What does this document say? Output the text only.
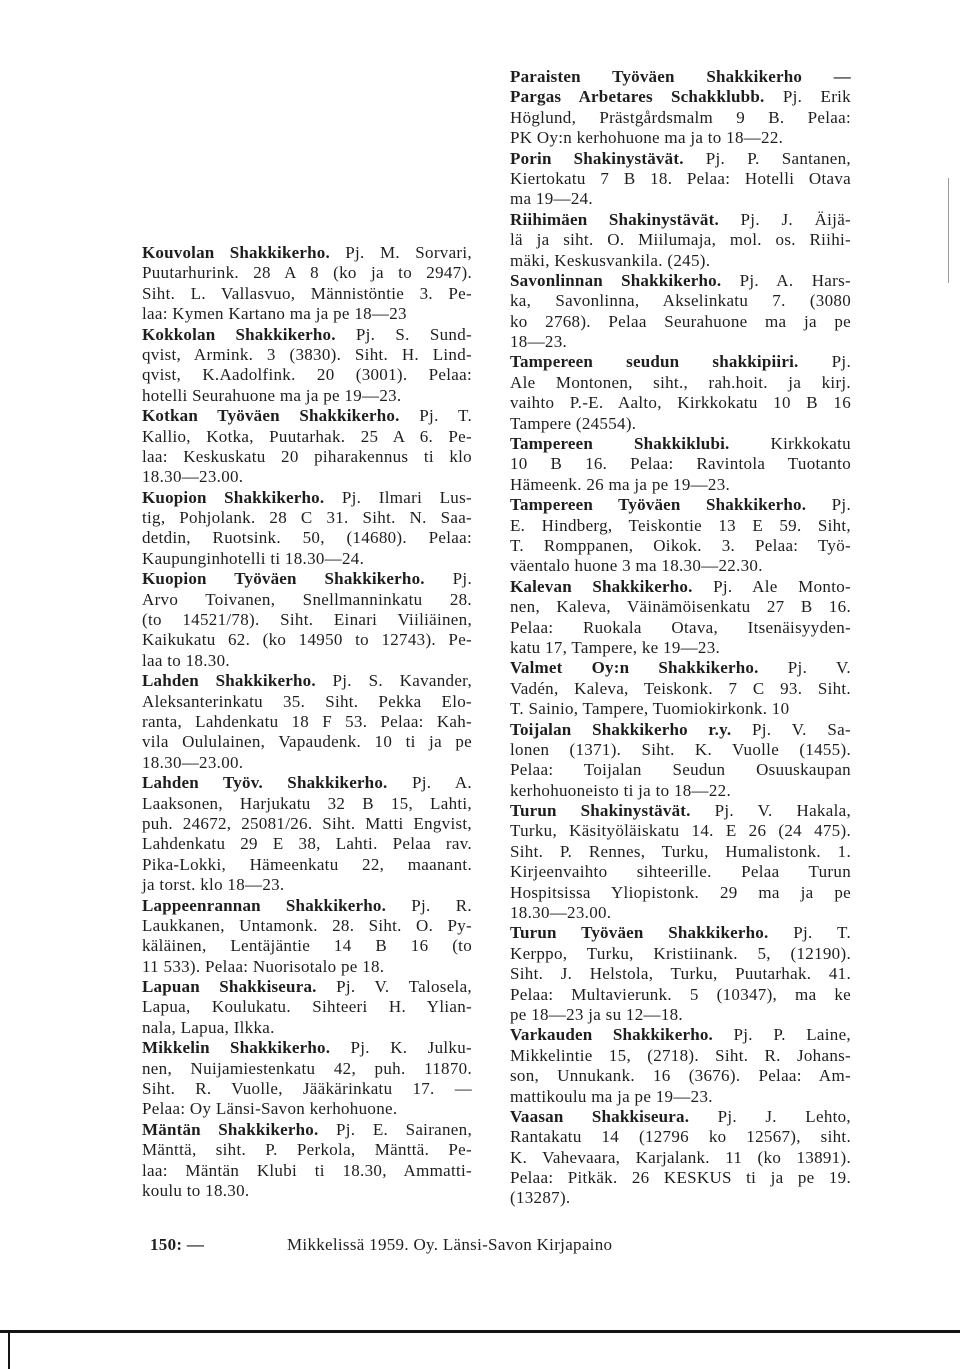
Paraisten Työväen Shakkikerho —
Pargas Arbetares Schakklubb. Pj. Erik
Höglund, Prästgårdsmalm 9 B. Pelaa:
PK Oy:n kerhohuone ma ja to 18—22.
Porin Shakinystävät. Pj. P. Santanen,
Kiertokatu 7 B 18. Pelaa: Hotelli Otava
ma 19—24.
Riihimäen Shakinystävät. Pj. J. Äijä-
lä ja siht. O. Miilumaja, mol. os. Riihi-
mäki, Keskusvankila. (245).
Savonlinnan Shakkikerho. Pj. A. Hars-
ka, Savonlinna, Akselinkatu 7. (3080
ko 2768). Pelaa Seurahuone ma ja pe
18—23.
Tampereen seudun shakkipiiri. Pj.
Ale Montonen, siht., rah.hoit. ja kirj.
vaihto P.-E. Aalto, Kirkkokatu 10 B 16
Tampere (24554).
Tampereen Shakkiklubi. Kirkkokatu
10 B 16. Pelaa: Ravintola Tuotanto
Hämeenk. 26 ma ja pe 19—23.
Tampereen Työväen Shakkikerho. Pj.
E. Hindberg, Teiskontie 13 E 59. Siht,
T. Romppanen, Oikok. 3. Pelaa: Työ-
väentalo huone 3 ma 18.30—22.30.
Kalevan Shakkikerho. Pj. Ale Monto-
nen, Kaleva, Väinämöisenkatu 27 B 16.
Pelaa: Ruokala Otava, Itsenäisyyden-
katu 17, Tampere, ke 19—23.
Valmet Oy:n Shakkikerho. Pj. V.
Vadén, Kaleva, Teiskonk. 7 C 93. Siht.
T. Sainio, Tampere, Tuomiokirkonk. 10
Toijalan Shakkikerho r.y. Pj. V. Sa-
lonen (1371). Siht. K. Vuolle (1455).
Pelaa: Toijalan Seudun Osuuskaupan
kerhohuoneisto ti ja to 18—22.
Turun Shakinystävät. Pj. V. Hakala,
Turku, Käsityöläiskatu 14. E 26 (24 475).
Siht. P. Rennes, Turku, Humalistonk. 1.
Kirjeenvaihto sihteerille. Pelaa Turun
Hospitsissa Yliopistonk. 29 ma ja pe
18.30—23.00.
Turun Työväen Shakkikerho. Pj. T.
Kerppo, Turku, Kristiinank. 5, (12190).
Siht. J. Helstola, Turku, Puutarhak. 41.
Pelaa: Multavierunk. 5 (10347), ma ke
pe 18—23 ja su 12—18.
Varkauden Shakkikerho. Pj. P. Laine,
Mikkelintie 15, (2718). Siht. R. Johans-
son, Unnukank. 16 (3676). Pelaa: Am-
mattikoulu ma ja pe 19—23.
Vaasan Shakkiseura. Pj. J. Lehto,
Rantakatu 14 (12796 ko 12567), siht.
K. Vahevaara, Karjalank. 11 (ko 13891).
Pelaa: Pitkäk. 26 KESKUS ti ja pe 19.
(13287).
Kouvolan Shakkikerho. Pj. M. Sorvari,
Puutarhurink. 28 A 8 (ko ja to 2947).
Siht. L. Vallasvuo, Männistöntie 3. Pe-
laa: Kymen Kartano ma ja pe 18—23
Kokkolan Shakkikerho. Pj. S. Sund-
qvist, Armink. 3 (3830). Siht. H. Lind-
qvist, K.Aadolfink. 20 (3001). Pelaa:
hotelli Seurahuone ma ja pe 19—23.
Kotkan Työväen Shakkikerho. Pj. T.
Kallio, Kotka, Puutarhak. 25 A 6. Pe-
laa: Keskuskatu 20 piharakennus ti klo
18.30—23.00.
Kuopion Shakkikerho. Pj. Ilmari Lus-
tig, Pohjolank. 28 C 31. Siht. N. Saa-
detdin, Ruotsink. 50, (14680). Pelaa:
Kaupunginhotelli ti 18.30—24.
Kuopion Työväen Shakkikerho. Pj.
Arvo Toivanen, Snellmanninkatu 28.
(to 14521/78). Siht. Einari Viiliäinen,
Kaikukatu 62. (ko 14950 to 12743). Pe-
laa to 18.30.
Lahden Shakkikerho. Pj. S. Kavander,
Aleksanterinkatu 35. Siht. Pekka Elo-
ranta, Lahdenkatu 18 F 53. Pelaa: Kah-
vila Oululainen, Vapaudenk. 10 ti ja pe
18.30—23.00.
Lahden Työv. Shakkikerho. Pj. A.
Laaksonen, Harjukatu 32 B 15, Lahti,
puh. 24672, 25081/26. Siht. Matti Engvist,
Lahdenkatu 29 E 38, Lahti. Pelaa rav.
Pika-Lokki, Hämeenkatu 22, maanant.
ja torst. klo 18—23.
Lappeenrannan Shakkikerho. Pj. R.
Laukkanen, Untamonk. 28. Siht. O. Py-
käläinen, Lentäjäntie 14 B 16 (to
11 533). Pelaa: Nuorisotalo pe 18.
Lapuan Shakkiseura. Pj. V. Talosela,
Lapua, Koulukatu. Sihteeri H. Ylian-
nala, Lapua, Ilkka.
Mikkelin Shakkikerho. Pj. K. Julku-
nen, Nuijamiestenkatu 42, puh. 11870.
Siht. R. Vuolle, Jääkärinkatu 17. —
Pelaa: Oy Länsi-Savon kerhohuone.
Mäntän Shakkikerho. Pj. E. Sairanen,
Mänttä, siht. P. Perkola, Mänttä. Pe-
laa: Mäntän Klubi ti 18.30, Ammatti-
koulu to 18.30.
150: —	Mikkelissä 1959. Oy. Länsi-Savon Kirjapaino
